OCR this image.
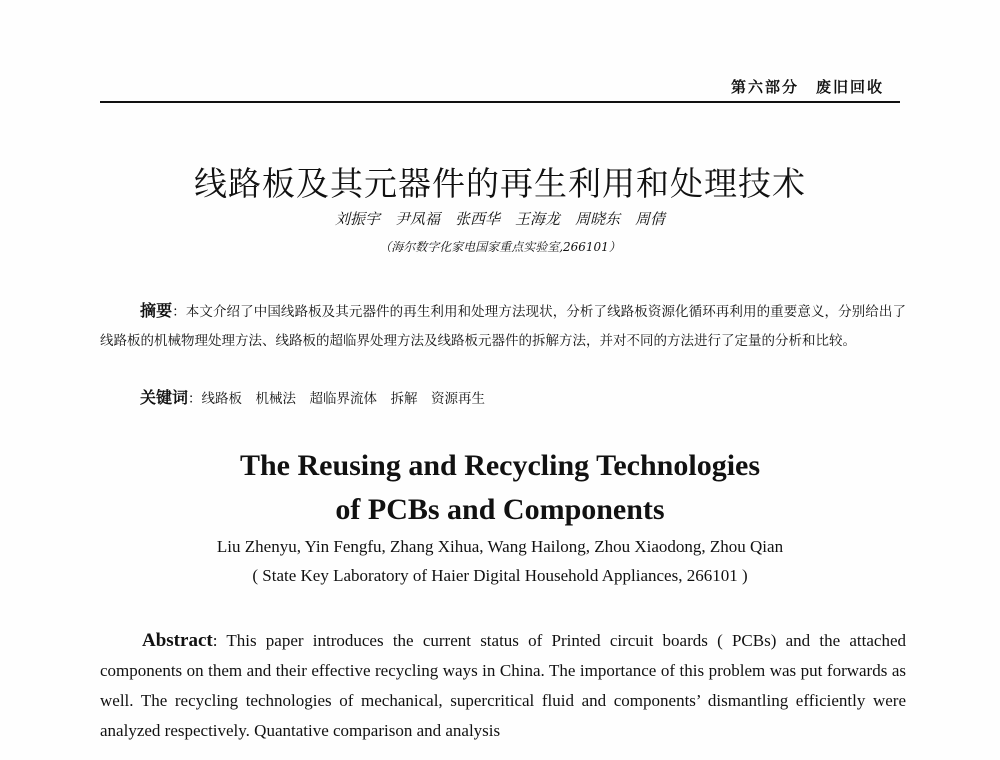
第六部分　废旧回收
线路板及其元器件的再生利用和处理技术
刘振宇　尹凤福　张西华　王海龙　周晓东　周倩
（海尔数字化家电国家重点实验室,266101）

摘要：本文介绍了中国线路板及其元器件的再生利用和处理方法现状，分析了线路板资源化循环再利用的重要意义，分别给出了线路板的机械物理处理方法、线路板的超临界处理方法及线路板元器件的拆解方法，并对不同的方法进行了定量的分析和比较。

关键词：线路板　机械法　超临界流体　拆解　资源再生

The Reusing and Recycling Technologies
of PCBs and Components
Liu Zhenyu, Yin Fengfu, Zhang Xihua, Wang Hailong, Zhou Xiaodong, Zhou Qian
( State Key Laboratory of Haier Digital Household Appliances, 266101 )

Abstract: This paper introduces the current status of Printed circuit boards ( PCBs) and the attached components on them and their effective recycling ways in China. The importance of this problem was put forwards as well. The recycling technologies of mechanical, supercritical fluid and components’ dismantling efficiently were analyzed respectively. Quantative comparison and analysis
